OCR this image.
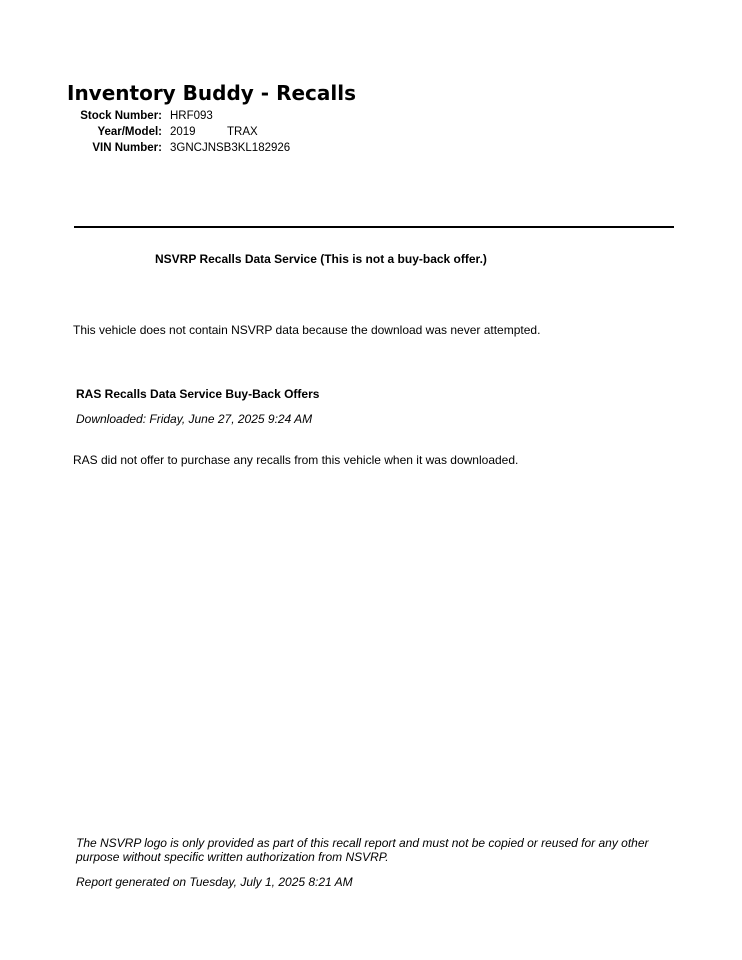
Inventory Buddy - Recalls
Stock Number: HRF093
Year/Model: 2019	TRAX
VIN Number: 3GNCJNSB3KL182926
NSVRP Recalls Data Service (This is not a buy-back offer.)
This vehicle does not contain NSVRP data because the download was never attempted.
RAS Recalls Data Service Buy-Back Offers
Downloaded: Friday, June 27, 2025 9:24 AM
RAS did not offer to purchase any recalls from this vehicle when it was downloaded.
The NSVRP logo is only provided as part of this recall report and must not be copied or reused for any other purpose without specific written authorization from NSVRP.
Report generated on Tuesday, July 1, 2025 8:21 AM
